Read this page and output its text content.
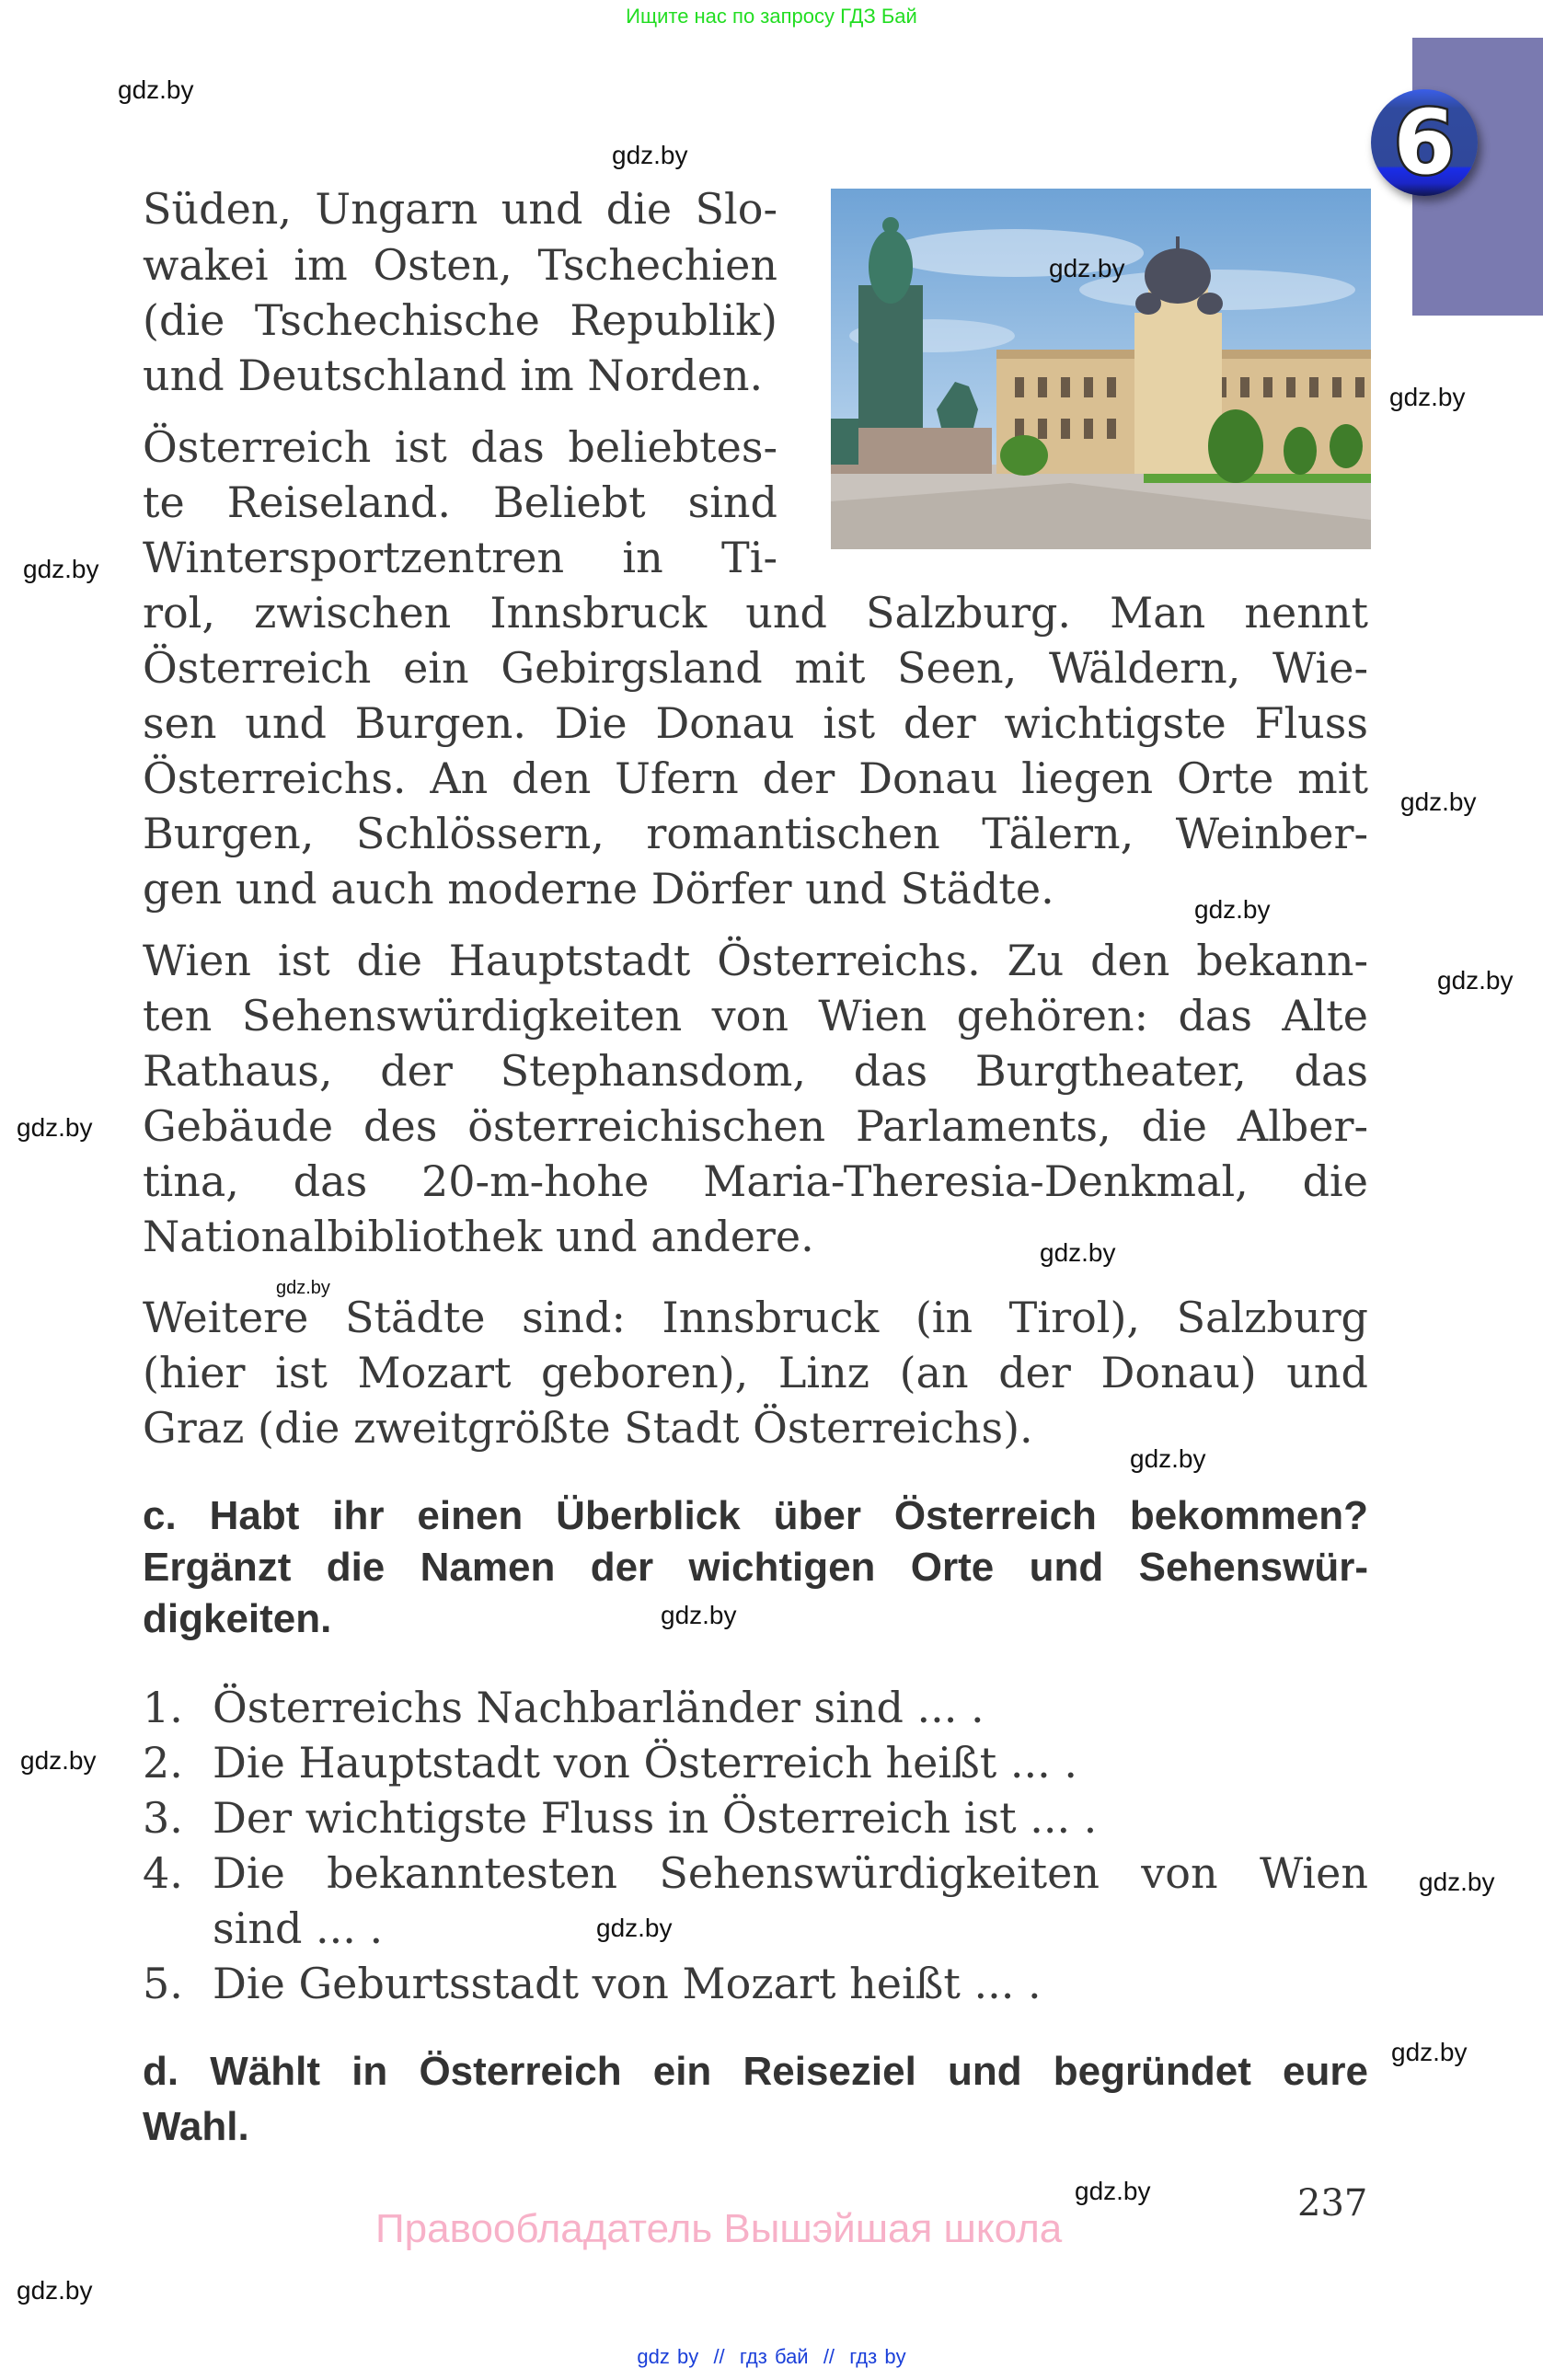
Ищите нас по запросу ГДЗ Бай
6
Süden, Ungarn und die Slo-
wakei im Osten, Tschechien
(die Tschechische Republik)
und Deutschland im Norden.
Österreich ist das beliebtes-
te Reiseland. Beliebt sind
Wintersportzentren in Ti-
rol, zwischen Innsbruck und Salzburg. Man nennt
Österreich ein Gebirgsland mit Seen, Wäldern, Wie-
sen und Burgen. Die Donau ist der wichtigste Fluss
Österreichs. An den Ufern der Donau liegen Orte mit
Burgen, Schlössern, romantischen Tälern, Weinber-
gen und auch moderne Dörfer und Städte.
Wien ist die Hauptstadt Österreichs. Zu den bekann-
ten Sehenswürdigkeiten von Wien gehören: das Alte
Rathaus, der Stephansdom, das Burgtheater, das
Gebäude des österreichischen Parlaments, die Alber-
tina, das 20-m-hohe Maria-Theresia-Denkmal, die
Nationalbibliothek und andere.
Weitere Städte sind: Innsbruck (in Tirol), Salzburg
(hier ist Mozart geboren), Linz (an der Donau) und
Graz (die zweitgrößte Stadt Österreichs).
c. Habt ihr einen Überblick über Österreich bekommen?
Ergänzt die Namen der wichtigen Orte und Sehenswür-
digkeiten.
1. Österreichs Nachbarländer sind ... .
2. Die Hauptstadt von Österreich heißt ... .
3. Der wichtigste Fluss in Österreich ist ... .
4. Die bekanntesten Sehenswürdigkeiten von Wien
sind ... .
5. Die Geburtsstadt von Mozart heißt ... .
d. Wählt in Österreich ein Reiseziel und begründet eure
Wahl.
237
Правообладатель Вышэйшая школа
gdz.by
gdz.by
gdz.by
gdz.by
gdz.by
gdz.by
gdz.by
gdz.by
gdz.by
gdz.by
gdz.by
gdz.by
gdz.by
gdz.by
gdz.by
gdz.by
gdz.by
gdz.by
gdz.by
gdz by  //  гдз бай  //  гдз by
